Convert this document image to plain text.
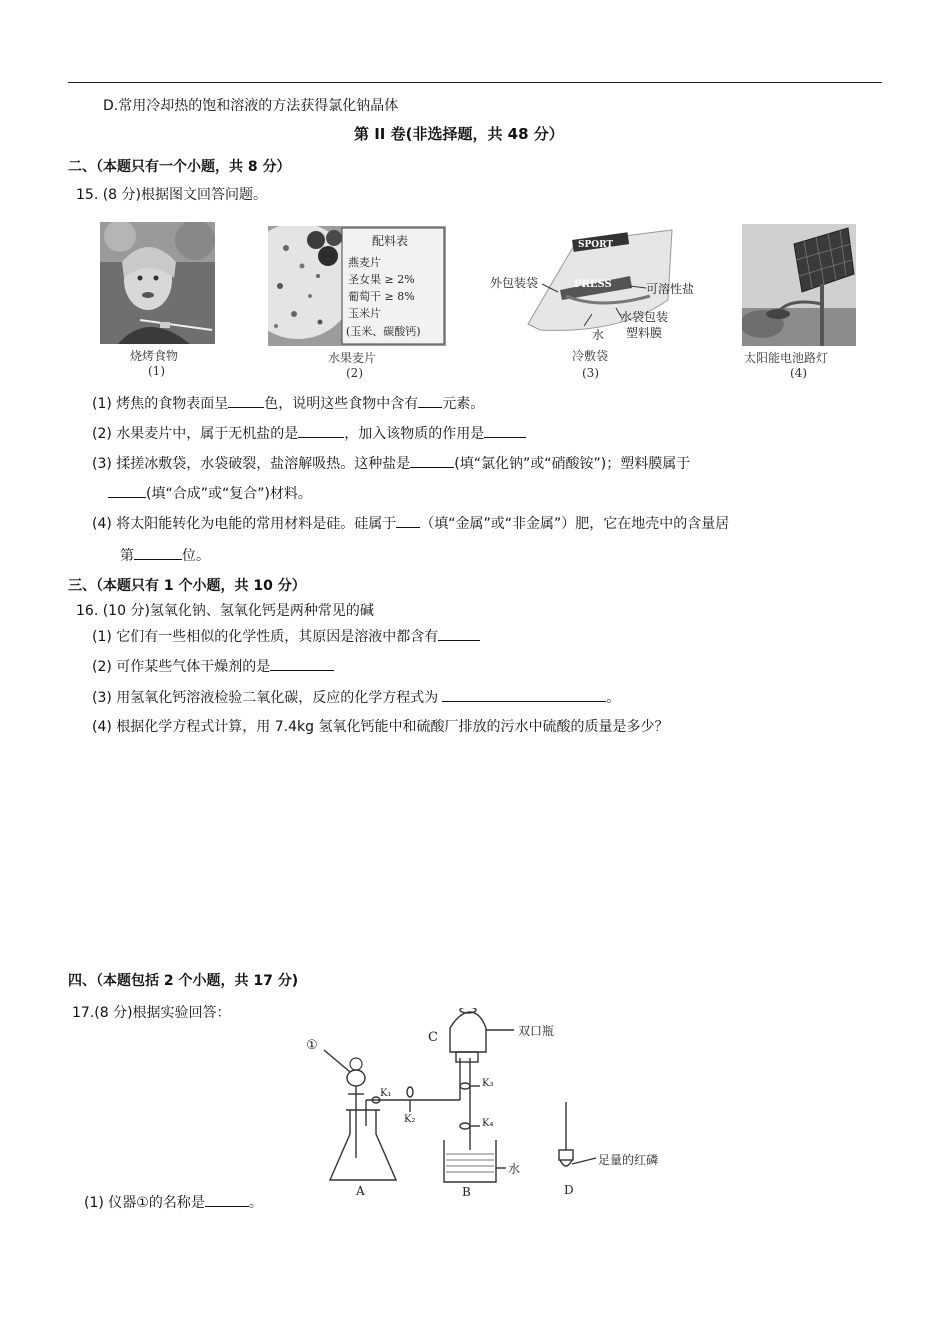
D.常用冷却热的饱和溶液的方法获得氯化钠晶体
第 II 卷(非选择题，共 48 分）
二、（本题只有一个小题，共 8 分）
15. (8 分)根据图文回答问题。
烧烤食物
(1)
配料表
燕麦片
圣女果 ≥ 2%
葡萄干 ≥ 8%
玉米片
(玉米、碳酸钙)
水果麦片
(2)
SPORT
PRESS
外包装袋	可溶性盐
水
水袋包装
塑料膜
冷敷袋
(3)
太阳能电池路灯
(4)
(1) 烤焦的食物表面呈	色，说明这些食物中含有 元素。
(2) 水果麦片中，属于无机盐的是	，加入该物质的作用是
(3) 揉搓冰敷袋，水袋破裂，盐溶解吸热。这种盐是	(填“氯化钠”或“硝酸铵”)；塑料膜属于
(填“合成”或“复合”)材料。
(4) 将太阳能转化为电能的常用材料是硅。硅属于 （填“金属”或“非金属”）肥，它在地壳中的含量居
第	位。
三、（本题只有 1 个小题，共 10 分）
16. (10 分)氢氧化钠、氢氧化钙是两种常见的碱
(1) 它们有一些相似的化学性质，其原因是溶液中都含有
(2) 可作某些气体干燥剂的是
(3) 用氢氧化钙溶液检验二氧化碳，反应的化学方程式为	。
(4) 根据化学方程式计算，用 7.4kg 氢氧化钙能中和硫酸厂排放的污水中硫酸的质量是多少？
四、（本题包括 2 个小题，共 17 分)
17.(8 分)根据实验回答：
①
C	双口瓶
K₁
K₂
K₃
K₄
水
足量的红磷
A	B	D
(1) 仪器①的名称是	。
